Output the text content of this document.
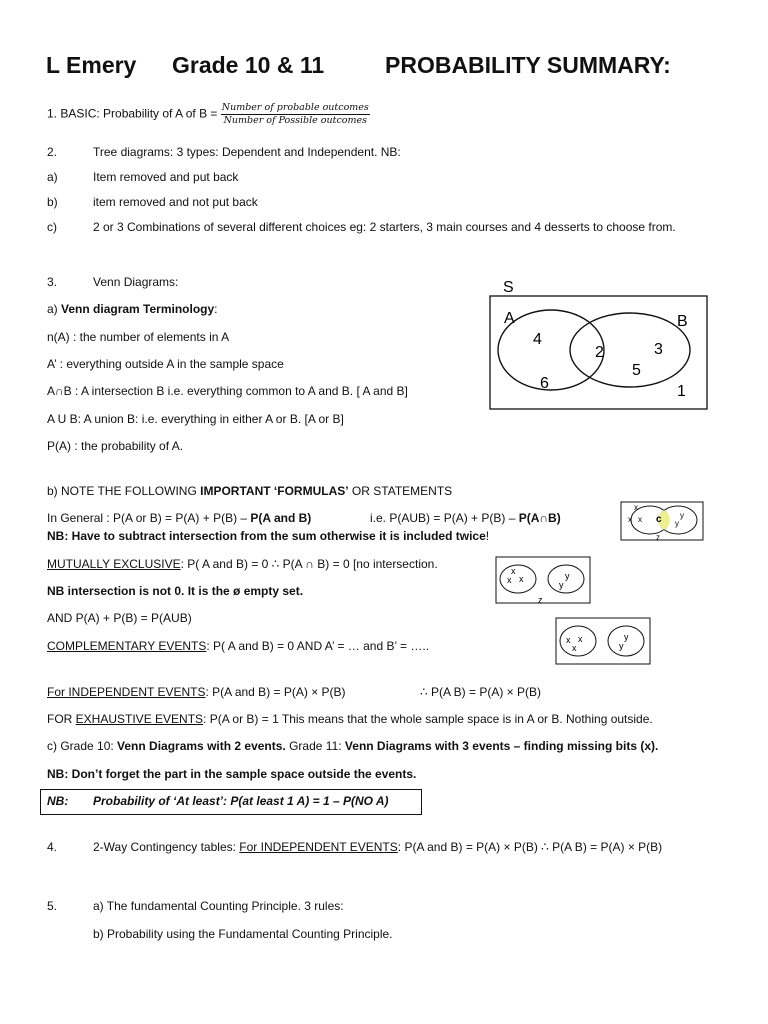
L Emery Grade 10 & 11	PROBABILITY SUMMARY:
1. BASIC: Probability of A of $B = \frac{\text{Number of probable outcomes}}{\text{Number of Possible outcomes}}$
2.	Tree diagrams: 3 types: Dependent and Independent. NB:
a)	Item removed and put back
b)	item removed and not put back
c)	2 or 3 Combinations of several different choices eg: 2 starters, 3 main courses and 4 desserts to choose from.
3.	Venn Diagrams:
a) Venn diagram Terminology:
n(A) : the number of elements in A
A’ : everything outside A in the sample space
A∩B : A intersection B i.e. everything common to A and B. [ A and B]
A U B: A union B: i.e. everything in either A or B. [A or B]
P(A) : the probability of A.
S
A	B
4
6
2	3
5
1
b) NOTE THE FOLLOWING IMPORTANT ‘FORMULAS’ OR STATEMENTS
In General : P(A or B) = P(A) + P(B) – P(A and B)	i.e. P(AUB) = P(A) + P(B) – P(A∩B)
NB: Have to subtract intersection from the sum otherwise it is included twice!
x
x x c y
y
z
MUTUALLY EXCLUSIVE: P( A and B) = 0 ∴ P(A ∩ B) = 0 [no intersection.
NB intersection is not 0. It is the ø empty set.
x
x x	y
y
z
AND P(A) + P(B) = P(AUB)
COMPLEMENTARY EVENTS: P( A and B) = 0 AND A’ = … and B’ = …..	x x
x
y
y
For INDEPENDENT EVENTS: P(A and B) = P(A) × P(B)	∴ P(A B) = P(A) × P(B)
FOR EXHAUSTIVE EVENTS: P(A or B) = 1 This means that the whole sample space is in A or B. Nothing outside.
c) Grade 10: Venn Diagrams with 2 events. Grade 11: Venn Diagrams with 3 events – finding missing bits (x).
NB: Don’t forget the part in the sample space outside the events.
NB: Probability of ‘At least’: P(at least 1 A) = 1 – P(NO A)
4.	2-Way Contingency tables: For INDEPENDENT EVENTS: P(A and B) = P(A) × P(B) ∴ P(A B) = P(A) × P(B)
5.	a) The fundamental Counting Principle. 3 rules:
b) Probability using the Fundamental Counting Principle.
